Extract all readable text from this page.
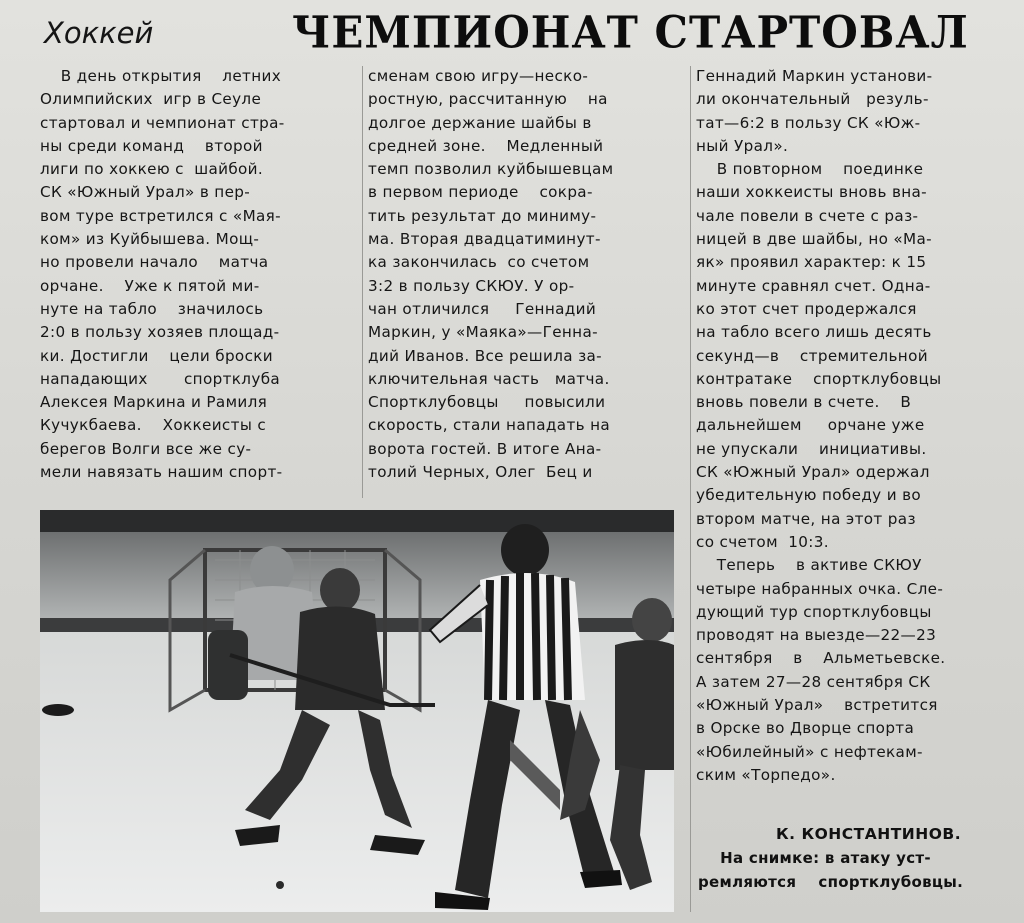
Хоккей	ЧЕМПИОНАТ СТАРТОВАЛ
В день открытия    летних
Олимпийских  игр в Сеуле
стартовал и чемпионат стра-
ны среди команд    второй
лиги по хоккею с  шайбой.
СК «Южный Урал» в пер-
вом туре встретился с «Мая-
ком» из Куйбышева. Мощ-
но провели начало    матча
орчане.    Уже к пятой ми-
нуте на табло    значилось
2:0 в пользу хозяев площад-
ки. Достигли    цели броски
нападающих       спортклуба
Алексея Маркина и Рамиля
Кучукбаева.    Хоккеисты с
берегов Волги все же су-
мели навязать нашим спорт-
сменам свою игру—неско-
ростную, рассчитанную    на
долгое держание шайбы в
средней зоне.    Медленный
темп позволил куйбышевцам
в первом периоде    сокра-
тить результат до миниму-
ма. Вторая двадцатиминут-
ка закончилась  со счетом
3:2 в пользу СКЮУ. У ор-
чан отличился     Геннадий
Маркин, у «Маяка»—Генна-
дий Иванов. Все решила за-
ключительная часть   матча.
Спортклубовцы     повысили
скорость, стали нападать на
ворота гостей. В итоге Ана-
толий Черных, Олег  Бец и
Геннадий Маркин установи-
ли окончательный   резуль-
тат—6:2 в пользу СК «Юж-
ный Урал».
В повторном    поединке
наши хоккеисты вновь вна-
чале повели в счете с раз-
ницей в две шайбы, но «Ма-
як» проявил характер: к 15
минуте сравнял счет. Одна-
ко этот счет продержался
на табло всего лишь десять
секунд—в    стремительной
контратаке    спортклубовцы
вновь повели в счете.    В
дальнейшем     орчане уже
не упускали    инициативы.
СК «Южный Урал» одержал
убедительную победу и во
втором матче, на этот раз
со счетом  10:3.
Теперь    в активе СКЮУ
четыре набранных очка. Сле-
дующий тур спортклубовцы
проводят на выезде—22—23
сентября    в    Альметьевске.
А затем 27—28 сентября СК
«Южный Урал»    встретится
в Орске во Дворце спорта
«Юбилейный» с нефтекам-
ским «Торпедо».
К. КОНСТАНТИНОВ.
На снимке: в атаку уст-
ремляются    спортклубовцы.
